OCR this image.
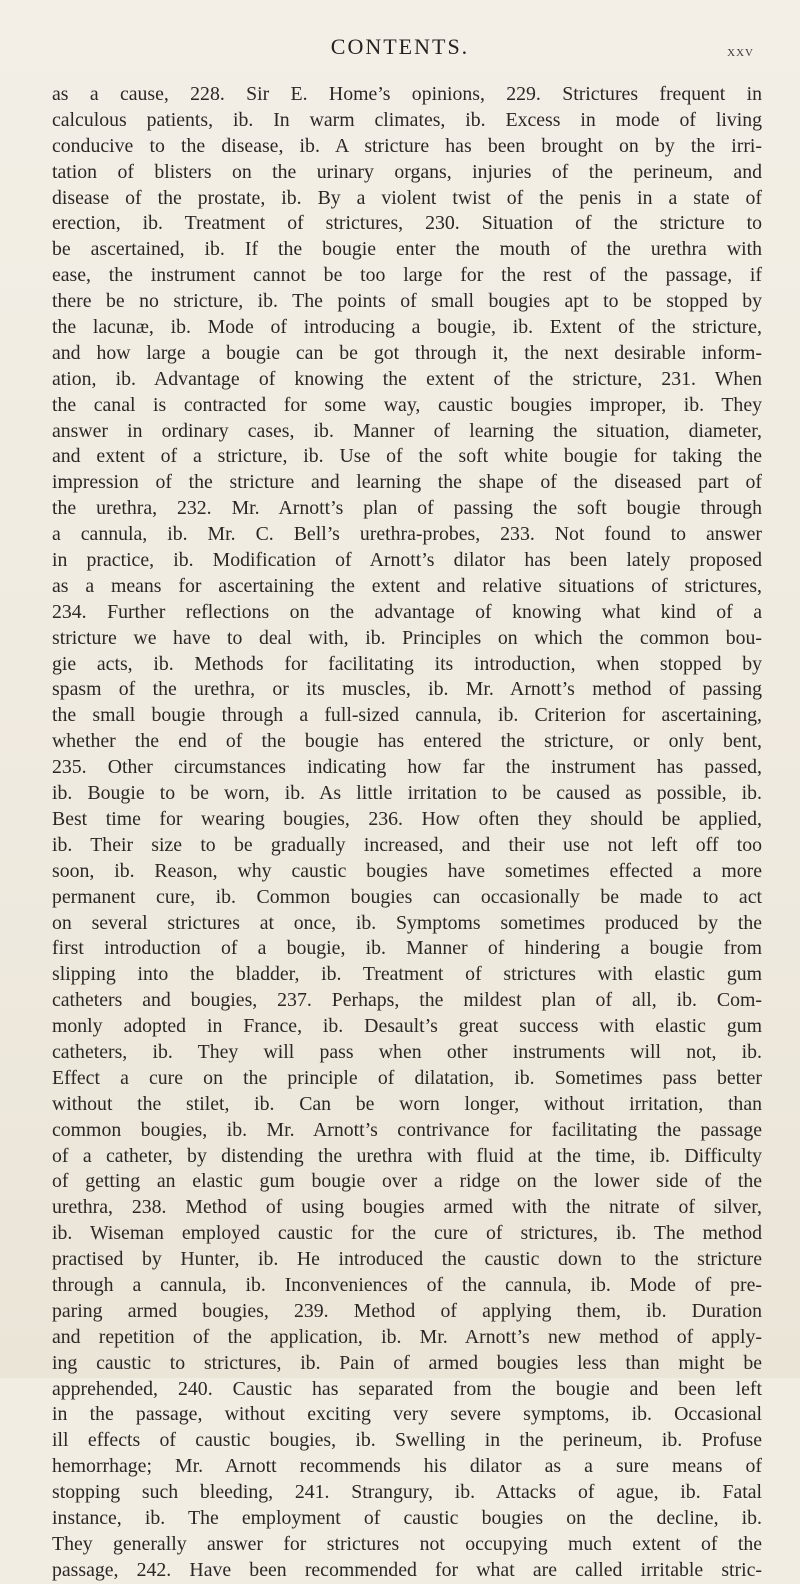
CONTENTS.	xxv
as a cause, 228. Sir E. Home’s opinions, 229. Strictures frequent in
calculous patients, ib. In warm climates, ib. Excess in mode of living
conducive to the disease, ib. A stricture has been brought on by the irri-
tation of blisters on the urinary organs, injuries of the perineum, and
disease of the prostate, ib. By a violent twist of the penis in a state of
erection, ib. Treatment of strictures, 230. Situation of the stricture to
be ascertained, ib. If the bougie enter the mouth of the urethra with
ease, the instrument cannot be too large for the rest of the passage, if
there be no stricture, ib. The points of small bougies apt to be stopped by
the lacunæ, ib. Mode of introducing a bougie, ib. Extent of the stricture,
and how large a bougie can be got through it, the next desirable inform-
ation, ib. Advantage of knowing the extent of the stricture, 231. When
the canal is contracted for some way, caustic bougies improper, ib. They
answer in ordinary cases, ib. Manner of learning the situation, diameter,
and extent of a stricture, ib. Use of the soft white bougie for taking the
impression of the stricture and learning the shape of the diseased part of
the urethra, 232. Mr. Arnott’s plan of passing the soft bougie through
a cannula, ib. Mr. C. Bell’s urethra-probes, 233. Not found to answer
in practice, ib. Modification of Arnott’s dilator has been lately proposed
as a means for ascertaining the extent and relative situations of strictures,
234. Further reflections on the advantage of knowing what kind of a
stricture we have to deal with, ib. Principles on which the common bou-
gie acts, ib. Methods for facilitating its introduction, when stopped by
spasm of the urethra, or its muscles, ib. Mr. Arnott’s method of passing
the small bougie through a full-sized cannula, ib. Criterion for ascertaining,
whether the end of the bougie has entered the stricture, or only bent,
235. Other circumstances indicating how far the instrument has passed,
ib. Bougie to be worn, ib. As little irritation to be caused as possible, ib.
Best time for wearing bougies, 236. How often they should be applied,
ib. Their size to be gradually increased, and their use not left off too
soon, ib. Reason, why caustic bougies have sometimes effected a more
permanent cure, ib. Common bougies can occasionally be made to act
on several strictures at once, ib. Symptoms sometimes produced by the
first introduction of a bougie, ib. Manner of hindering a bougie from
slipping into the bladder, ib. Treatment of strictures with elastic gum
catheters and bougies, 237. Perhaps, the mildest plan of all, ib. Com-
monly adopted in France, ib. Desault’s great success with elastic gum
catheters, ib. They will pass when other instruments will not, ib.
Effect a cure on the principle of dilatation, ib. Sometimes pass better
without the stilet, ib. Can be worn longer, without irritation, than
common bougies, ib. Mr. Arnott’s contrivance for facilitating the passage
of a catheter, by distending the urethra with fluid at the time, ib. Difficulty
of getting an elastic gum bougie over a ridge on the lower side of the
urethra, 238. Method of using bougies armed with the nitrate of silver,
ib. Wiseman employed caustic for the cure of strictures, ib. The method
practised by Hunter, ib. He introduced the caustic down to the stricture
through a cannula, ib. Inconveniences of the cannula, ib. Mode of pre-
paring armed bougies, 239. Method of applying them, ib. Duration
and repetition of the application, ib. Mr. Arnott’s new method of apply-
ing caustic to strictures, ib. Pain of armed bougies less than might be
apprehended, 240. Caustic has separated from the bougie and been left
in the passage, without exciting very severe symptoms, ib. Occasional
ill effects of caustic bougies, ib. Swelling in the perineum, ib. Profuse
hemorrhage; Mr. Arnott recommends his dilator as a sure means of
stopping such bleeding, 241. Strangury, ib. Attacks of ague, ib. Fatal
instance, ib. The employment of caustic bougies on the decline, ib.
They generally answer for strictures not occupying much extent of the
passage, 242. Have been recommended for what are called irritable stric-
